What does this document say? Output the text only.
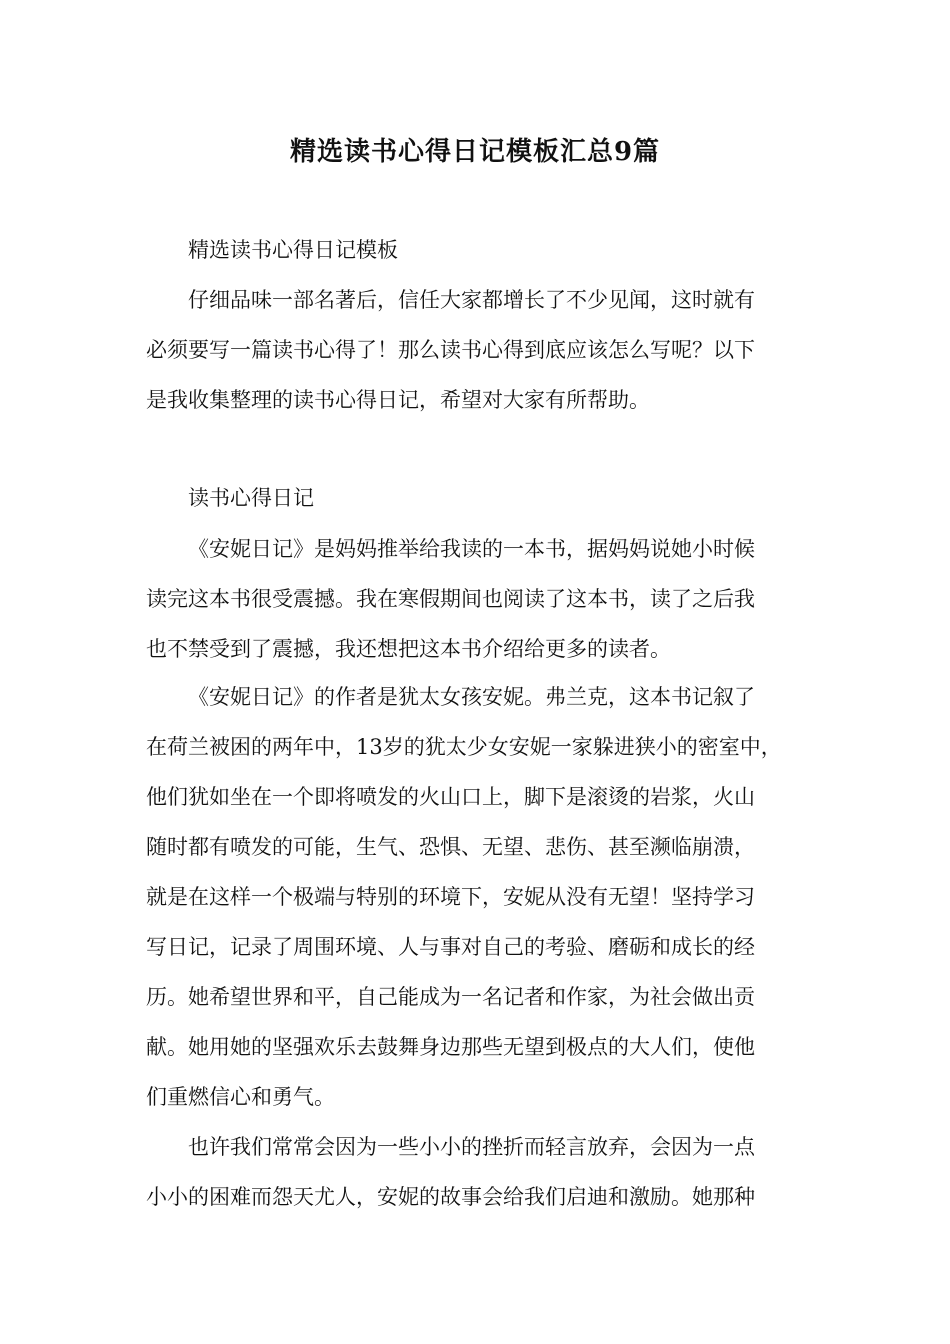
精选读书心得日记模板汇总9篇

精选读书心得日记模板

仔细品味一部名著后，信任大家都增长了不少见闻，这时就有

必须要写一篇读书心得了！那么读书心得到底应该怎么写呢？以下

是我收集整理的读书心得日记，希望对大家有所帮助。

读书心得日记

《安妮日记》是妈妈推举给我读的一本书，据妈妈说她小时候

读完这本书很受震撼。我在寒假期间也阅读了这本书，读了之后我

也不禁受到了震撼，我还想把这本书介绍给更多的读者。

《安妮日记》的作者是犹太女孩安妮。弗兰克，这本书记叙了

在荷兰被困的两年中，13岁的犹太少女安妮一家躲进狭小的密室中，

他们犹如坐在一个即将喷发的火山口上，脚下是滚烫的岩浆，火山

随时都有喷发的可能，生气、恐惧、无望、悲伤、甚至濒临崩溃，

就是在这样一个极端与特别的环境下，安妮从没有无望！坚持学习

写日记，记录了周围环境、人与事对自己的考验、磨砺和成长的经

历。她希望世界和平，自己能成为一名记者和作家，为社会做出贡

献。她用她的坚强欢乐去鼓舞身边那些无望到极点的大人们，使他

们重燃信心和勇气。

也许我们常常会因为一些小小的挫折而轻言放弃，会因为一点

小小的困难而怨天尤人，安妮的故事会给我们启迪和激励。她那种
